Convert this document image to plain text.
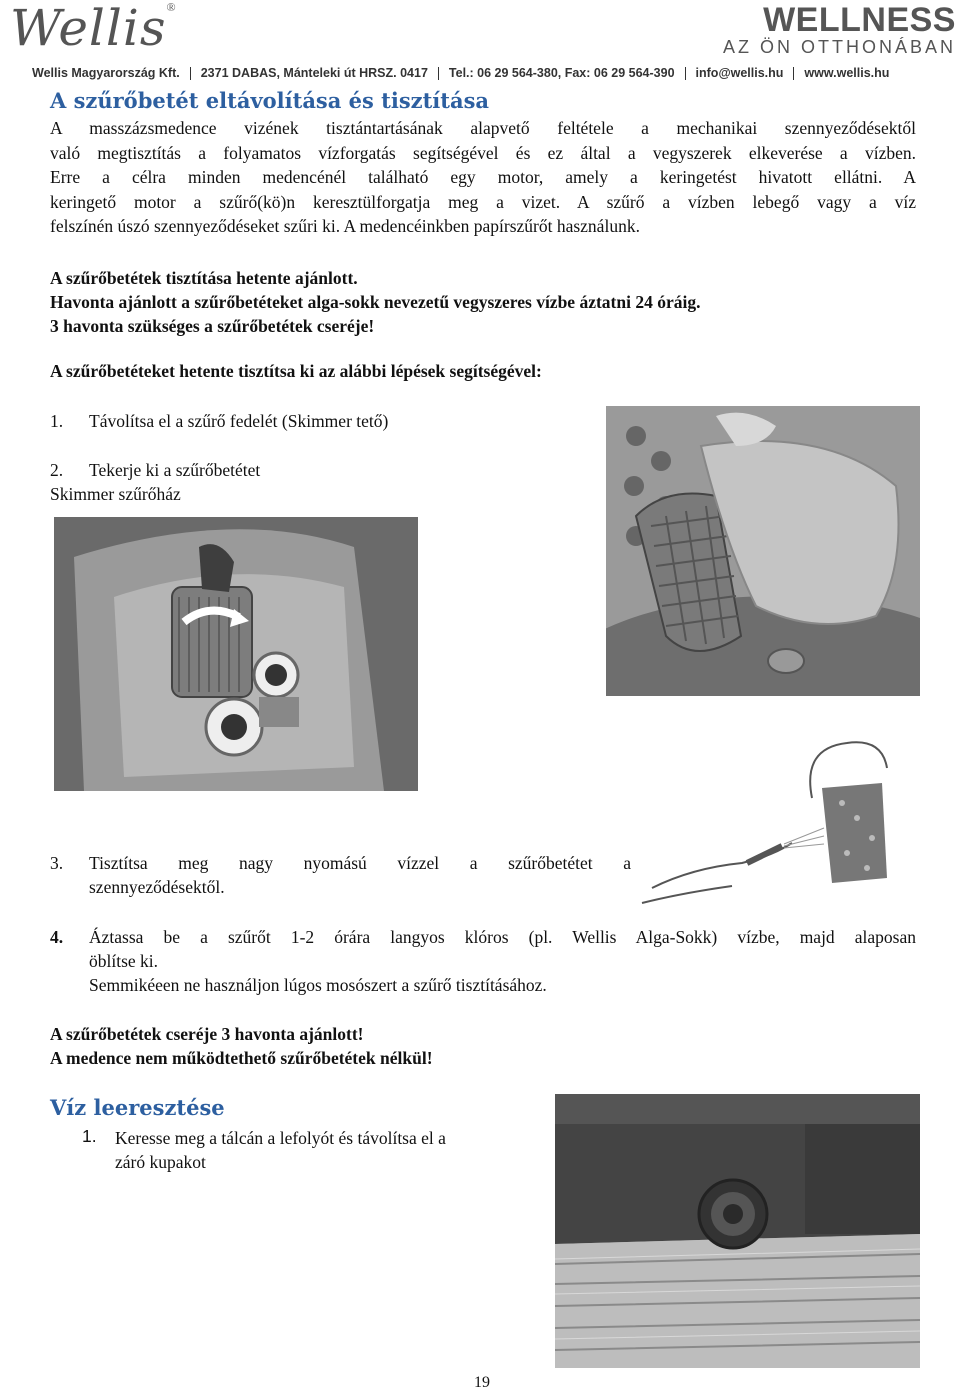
Wellis®	WELLNESS
AZ ÖN OTTHONÁBAN
Wellis Magyarország Kft. 2371 DABAS, Mánteleki út HRSZ. 0417 Tel.: 06 29 564-380, Fax: 06 29 564-390 info@wellis.hu www.wellis.hu
A szűrőbetét eltávolítása és tisztítása
A masszázsmedence vizének tisztántartásának alapvető feltétele a mechanikai szennyeződésektől
való megtisztítás a folyamatos vízforgatás segítségével és ez által a vegyszerek elkeverése a vízben.
Erre a célra minden medencénél található egy motor, amely a keringetést hivatott ellátni. A
keringető motor a szűrő(kö)n keresztülforgatja meg a vizet. A szűrő a vízben lebegő vagy a víz
felszínén úszó szennyeződéseket szűri ki. A medencéinkben papírszűrőt használunk.
A szűrőbetétek tisztítása hetente ajánlott.
Havonta ajánlott a szűrőbetéteket alga-sokk nevezetű vegyszeres vízbe áztatni 24 óráig.
3 havonta szükséges a szűrőbetétek cseréje!
A szűrőbetéteket hetente tisztítsa ki az alábbi lépések segítségével:
1. Távolítsa el a szűrő fedelét (Skimmer tető)
2. Tekerje ki a szűrőbetétet
Skimmer szűrőház
3. Tisztítsa meg nagy nyomású vízzel a szűrőbetétet a
szennyeződésektől.
4. Áztassa be a szűrőt 1-2 órára langyos klóros (pl. Wellis Alga-Sokk) vízbe, majd alaposan
öblítse ki.
Semmikéeen ne használjon lúgos mosószert a szűrő tisztításához.
A szűrőbetétek cseréje 3 havonta ajánlott!
A medence nem működtethető szűrőbetétek nélkül!
Víz leeresztése
1. Keresse meg a tálcán a lefolyót és távolítsa el a
záró kupakot
19
